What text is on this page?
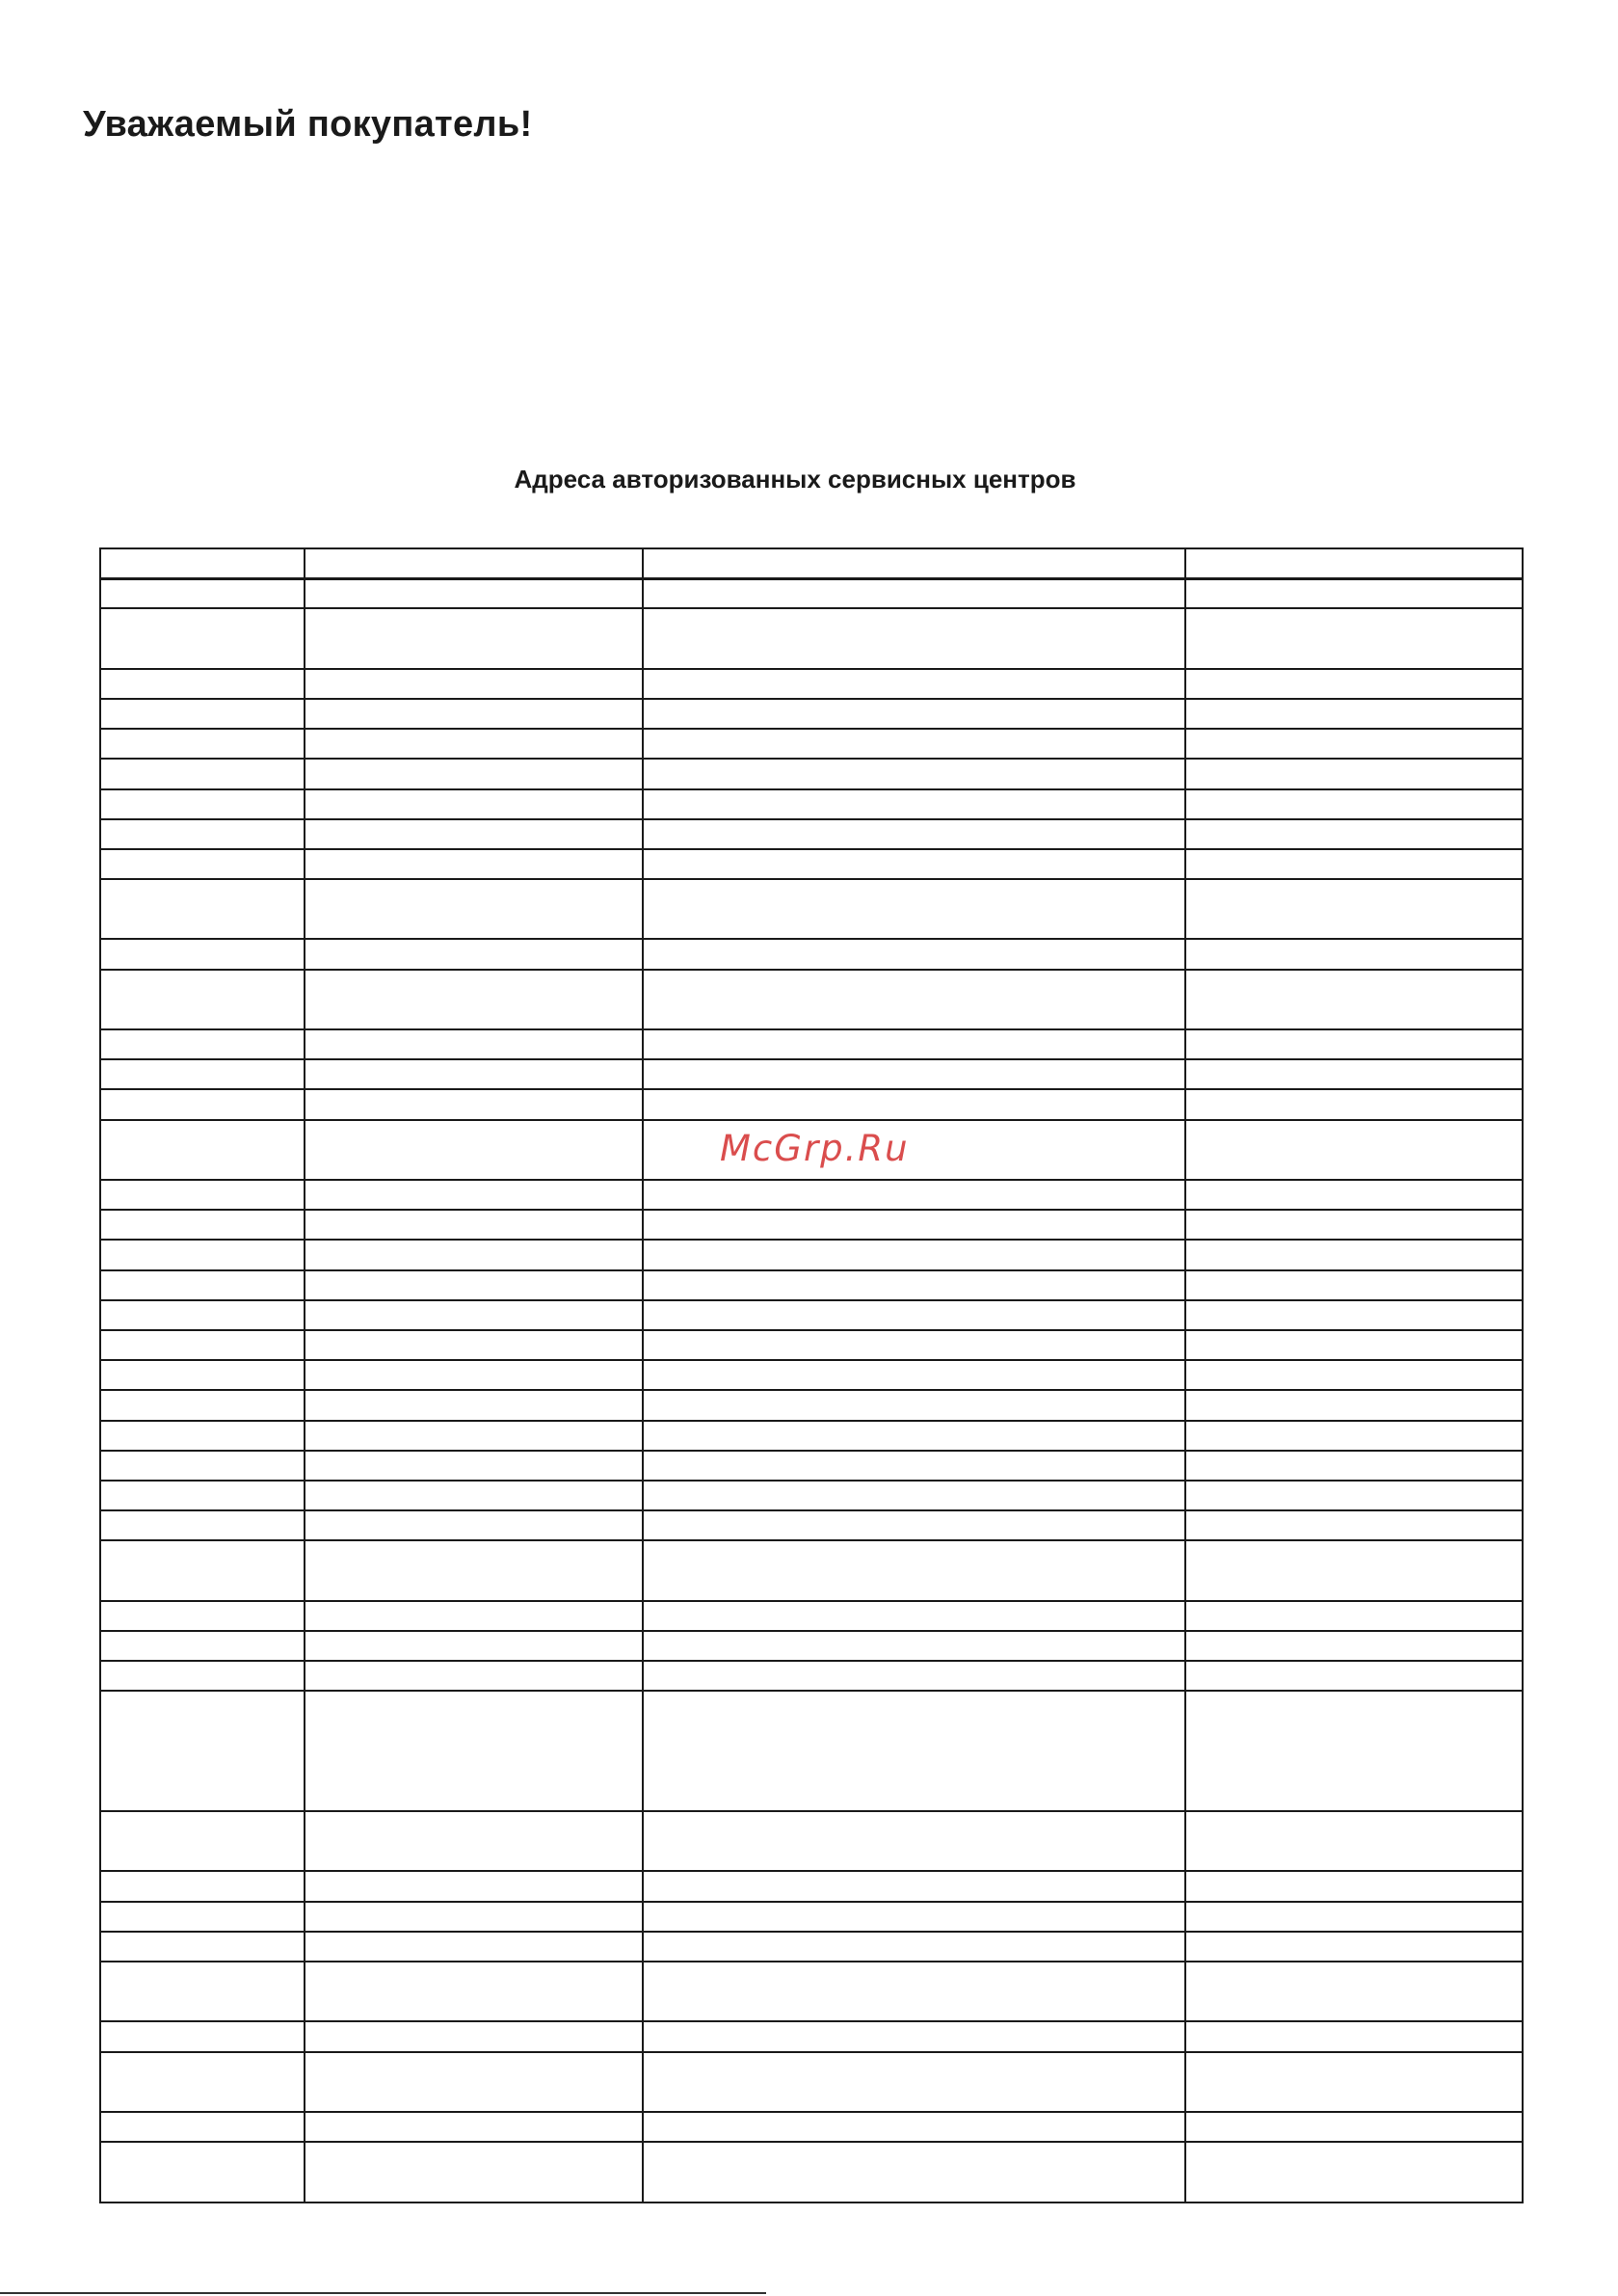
Уважаемый покупатель!
Адреса авторизованных сервисных центров

McGrp.Ru
